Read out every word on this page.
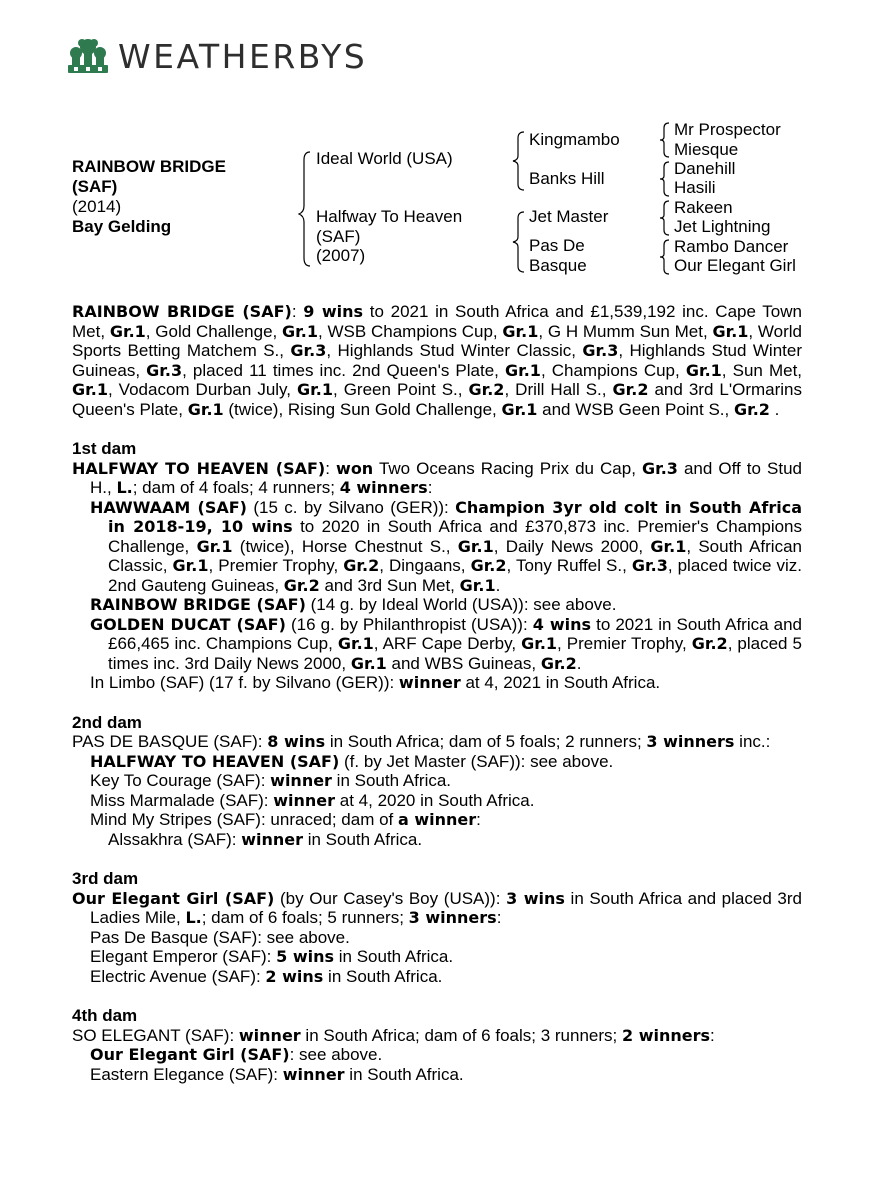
WEATHERBYS
RAINBOW BRIDGE
(SAF)
(2014)
Bay Gelding
Ideal World (USA)
Halfway To Heaven
(SAF)
(2007)
Kingmambo
Banks Hill
Jet Master
Pas De
Basque
Mr Prospector
Miesque
Danehill
Hasili
Rakeen
Jet Lightning
Rambo Dancer
Our Elegant Girl
RAINBOW BRIDGE (SAF): 9 wins to 2021 in South Africa and £1,539,192 inc. Cape Town Met, Gr.1, Gold Challenge, Gr.1, WSB Champions Cup, Gr.1, G H Mumm Sun Met, Gr.1, World Sports Betting Matchem S., Gr.3, Highlands Stud Winter Classic, Gr.3, Highlands Stud Winter Guineas, Gr.3, placed 11 times inc. 2nd Queen's Plate, Gr.1, Champions Cup, Gr.1, Sun Met, Gr.1, Vodacom Durban July, Gr.1, Green Point S., Gr.2, Drill Hall S., Gr.2 and 3rd L'Ormarins Queen's Plate, Gr.1 (twice), Rising Sun Gold Challenge, Gr.1 and WSB Geen Point S., Gr.2 .
1st dam
HALFWAY TO HEAVEN (SAF): won Two Oceans Racing Prix du Cap, Gr.3 and Off to Stud H., L.; dam of 4 foals; 4 runners; 4 winners:
HAWWAAM (SAF) (15 c. by Silvano (GER)): Champion 3yr old colt in South Africa in 2018-19, 10 wins to 2020 in South Africa and £370,873 inc. Premier's Champions Challenge, Gr.1 (twice), Horse Chestnut S., Gr.1, Daily News 2000, Gr.1, South African Classic, Gr.1, Premier Trophy, Gr.2, Dingaans, Gr.2, Tony Ruffel S., Gr.3, placed twice viz. 2nd Gauteng Guineas, Gr.2 and 3rd Sun Met, Gr.1.
RAINBOW BRIDGE (SAF) (14 g. by Ideal World (USA)): see above.
GOLDEN DUCAT (SAF) (16 g. by Philanthropist (USA)): 4 wins to 2021 in South Africa and £66,465 inc. Champions Cup, Gr.1, ARF Cape Derby, Gr.1, Premier Trophy, Gr.2, placed 5 times inc. 3rd Daily News 2000, Gr.1 and WBS Guineas, Gr.2.
In Limbo (SAF) (17 f. by Silvano (GER)): winner at 4, 2021 in South Africa.
2nd dam
PAS DE BASQUE (SAF): 8 wins in South Africa; dam of 5 foals; 2 runners; 3 winners inc.:
HALFWAY TO HEAVEN (SAF) (f. by Jet Master (SAF)): see above.
Key To Courage (SAF): winner in South Africa.
Miss Marmalade (SAF): winner at 4, 2020 in South Africa.
Mind My Stripes (SAF): unraced; dam of a winner:
Alssakhra (SAF): winner in South Africa.
3rd dam
Our Elegant Girl (SAF) (by Our Casey's Boy (USA)): 3 wins in South Africa and placed 3rd Ladies Mile, L.; dam of 6 foals; 5 runners; 3 winners:
Pas De Basque (SAF): see above.
Elegant Emperor (SAF): 5 wins in South Africa.
Electric Avenue (SAF): 2 wins in South Africa.
4th dam
SO ELEGANT (SAF): winner in South Africa; dam of 6 foals; 3 runners; 2 winners:
Our Elegant Girl (SAF): see above.
Eastern Elegance (SAF): winner in South Africa.
